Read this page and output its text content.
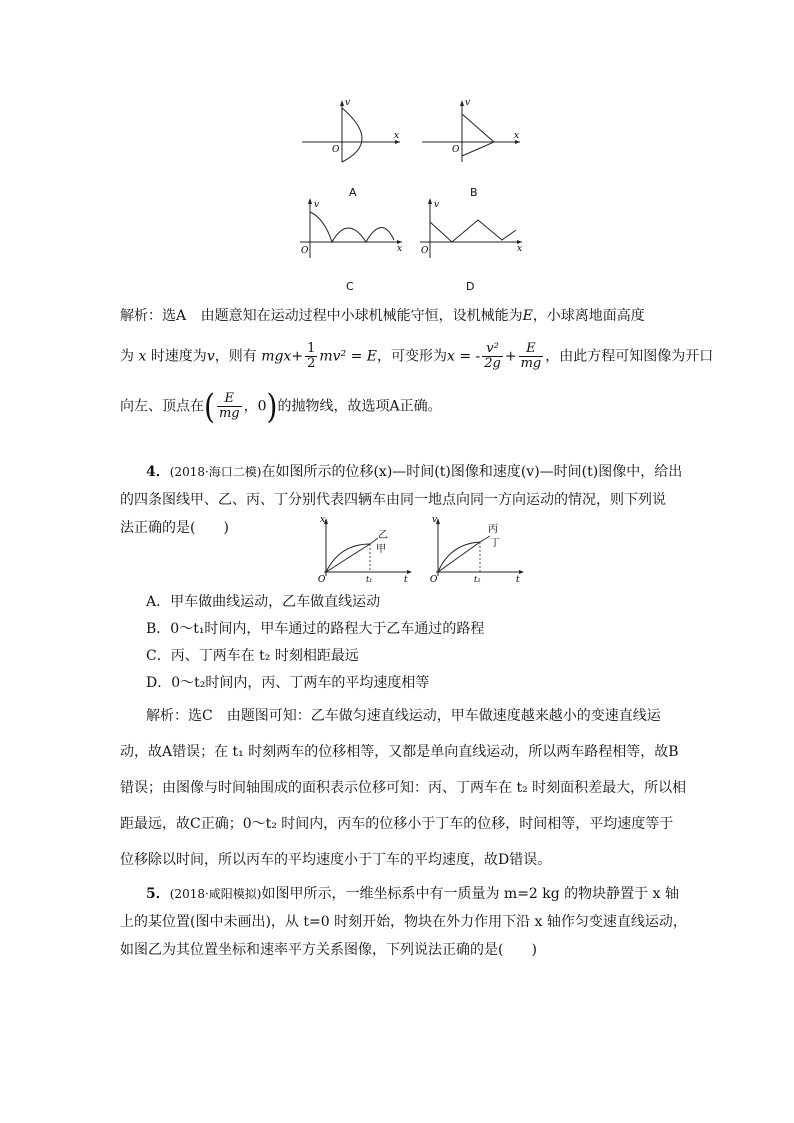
v
x
O
A
v
x
O
B
v
x
O
C
v
x
O
D
解析：选A 由题意知在运动过程中小球机械能守恒，设机械能为E，小球离地面高度
为 x 时速度为v，则有 $mgx+ \frac{1}{2} mv^2 = E$，可变形为x = - $\frac{\text{v²}}{2g} + \frac{E}{mg}$ ，由此方程可知图像为开口
向左、顶点在( $\frac{E}{mg}$ ，0)的抛物线，故选项A正确。
4．(2018·海口二模)在如图所示的位移(x)—时间(t)图像和速度(v)—时间(t)图像中，给出
的四条图线甲、乙、丙、丁分别代表四辆车由同一地点向同一方向运动的情况，则下列说
法正确的是(　　)	x
t
O	t₁
乙
甲
v
t
O	t₂
丙
丁
A．甲车做曲线运动，乙车做直线运动
B．0～t₁时间内，甲车通过的路程大于乙车通过的路程
C．丙、丁两车在 t₂ 时刻相距最远
D．0～t₂时间内，丙、丁两车的平均速度相等
解析：选C　由题图可知：乙车做匀速直线运动，甲车做速度越来越小的变速直线运
动，故A错误；在 t₁ 时刻两车的位移相等，又都是单向直线运动，所以两车路程相等，故B
错误；由图像与时间轴围成的面积表示位移可知：丙、丁两车在 t₂ 时刻面积差最大，所以相
距最远，故C正确；0～t₂ 时间内，丙车的位移小于丁车的位移，时间相等，平均速度等于
位移除以时间，所以丙车的平均速度小于丁车的平均速度，故D错误。
5．(2018·咸阳模拟)如图甲所示，一维坐标系中有一质量为 m=2 kg 的物块静置于 x 轴
上的某位置(图中未画出)，从 t=0 时刻开始，物块在外力作用下沿 x 轴作匀变速直线运动，
如图乙为其位置坐标和速率平方关系图像，下列说法正确的是(　　)
